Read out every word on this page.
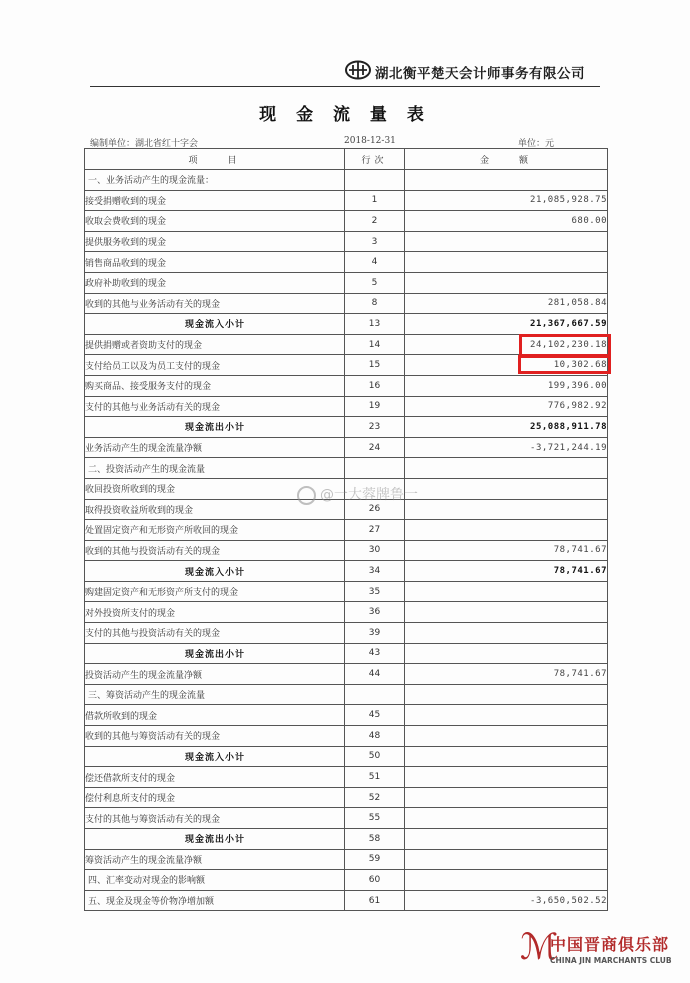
湖北衡平楚天会计师事务有限公司
现 金 流 量 表
编制单位：湖北省红十字会	2018-12-31	单位：元
项　　目	行次	金　　额
一、业务活动产生的现金流量：		
接受捐赠收到的现金	1	21,085,928.75
收取会费收到的现金	2	680.00
提供服务收到的现金	3	
销售商品收到的现金	4	
政府补助收到的现金	5	
收到的其他与业务活动有关的现金	8	281,058.84
现金流入小计	13	21,367,667.59
提供捐赠或者资助支付的现金	14	24,102,230.18
支付给员工以及为员工支付的现金	15	10,302.68
购买商品、接受服务支付的现金	16	199,396.00
支付的其他与业务活动有关的现金	19	776,982.92
现金流出小计	23	25,088,911.78
业务活动产生的现金流量净额	24	-3,721,244.19
二、投资活动产生的现金流量		
收回投资所收到的现金		
取得投资收益所收到的现金	26	
处置固定资产和无形资产所收回的现金	27	
收到的其他与投资活动有关的现金	30	78,741.67
现金流入小计	34	78,741.67
购建固定资产和无形资产所支付的现金	35	
对外投资所支付的现金	36	
支付的其他与投资活动有关的现金	39	
现金流出小计	43	
投资活动产生的现金流量净额	44	78,741.67
三、筹资活动产生的现金流量		
借款所收到的现金	45	
收到的其他与筹资活动有关的现金	48	
现金流入小计	50	
偿还借款所支付的现金	51	
偿付利息所支付的现金	52	
支付的其他与筹资活动有关的现金	55	
现金流出小计	58	
筹资活动产生的现金流量净额	59	
四、汇率变动对现金的影响额	60	
五、现金及现金等价物净增加额	61	-3,650,502.52
@一大蓉牌鲁一
ℳ
中国晋商俱乐部
CHINA JIN MARCHANTS CLUB
